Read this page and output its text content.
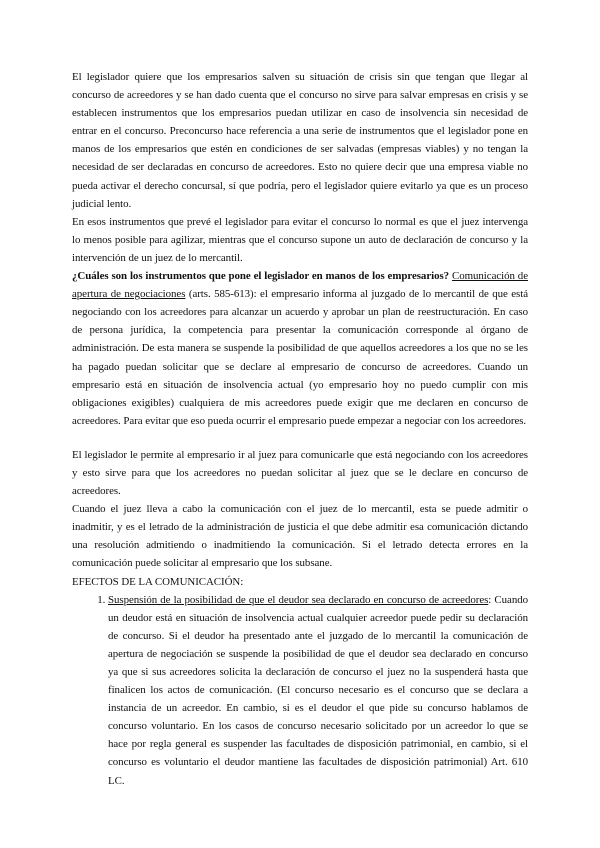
El legislador quiere que los empresarios salven su situación de crisis sin que tengan que llegar al concurso de acreedores y se han dado cuenta que el concurso no sirve para salvar empresas en crisis y se establecen instrumentos que los empresarios puedan utilizar en caso de insolvencia sin necesidad de entrar en el concurso. Preconcurso hace referencia a una serie de instrumentos que el legislador pone en manos de los empresarios que estén en condiciones de ser salvadas (empresas viables) y no tengan la necesidad de ser declaradas en concurso de acreedores. Esto no quiere decir que una empresa viable no pueda activar el derecho concursal, sí que podría, pero el legislador quiere evitarlo ya que es un proceso judicial lento.

En esos instrumentos que prevé el legislador para evitar el concurso lo normal es que el juez intervenga lo menos posible para agilizar, mientras que el concurso supone un auto de declaración de concurso y la intervención de un juez de lo mercantil.

¿Cuáles son los instrumentos que pone el legislador en manos de los empresarios? Comunicación de apertura de negociaciones (arts. 585-613): el empresario informa al juzgado de lo mercantil de que está negociando con los acreedores para alcanzar un acuerdo y aprobar un plan de reestructuración. En caso de persona jurídica, la competencia para presentar la comunicación corresponde al órgano de administración. De esta manera se suspende la posibilidad de que aquellos acreedores a los que no se les ha pagado puedan solicitar que se declare al empresario de concurso de acreedores. Cuando un empresario está en situación de insolvencia actual (yo empresario hoy no puedo cumplir con mis obligaciones exigibles) cualquiera de mis acreedores puede exigir que me declaren en concurso de acreedores. Para evitar que eso pueda ocurrir el empresario puede empezar a negociar con los acreedores.

El legislador le permite al empresario ir al juez para comunicarle que está negociando con los acreedores y esto sirve para que los acreedores no puedan solicitar al juez que se le declare en concurso de acreedores.

Cuando el juez lleva a cabo la comunicación con el juez de lo mercantil, esta se puede admitir o inadmitir, y es el letrado de la administración de justicia el que debe admitir esa comunicación dictando una resolución admitiendo o inadmitiendo la comunicación. Si el letrado detecta errores en la comunicación puede solicitar al empresario que los subsane.

EFECTOS DE LA COMUNICACIÓN:

1. Suspensión de la posibilidad de que el deudor sea declarado en concurso de acreedores: Cuando un deudor está en situación de insolvencia actual cualquier acreedor puede pedir su declaración de concurso. Si el deudor ha presentado ante el juzgado de lo mercantil la comunicación de apertura de negociación se suspende la posibilidad de que el deudor sea declarado en concurso ya que si sus acreedores solicita la declaración de concurso el juez no la suspenderá hasta que finalicen los actos de comunicación. (El concurso necesario es el concurso que se declara a instancia de un acreedor. En cambio, si es el deudor el que pide su concurso hablamos de concurso voluntario. En los casos de concurso necesario solicitado por un acreedor lo que se hace por regla general es suspender las facultades de disposición patrimonial, en cambio, si el concurso es voluntario el deudor mantiene las facultades de disposición patrimonial) Art. 610 LC.
